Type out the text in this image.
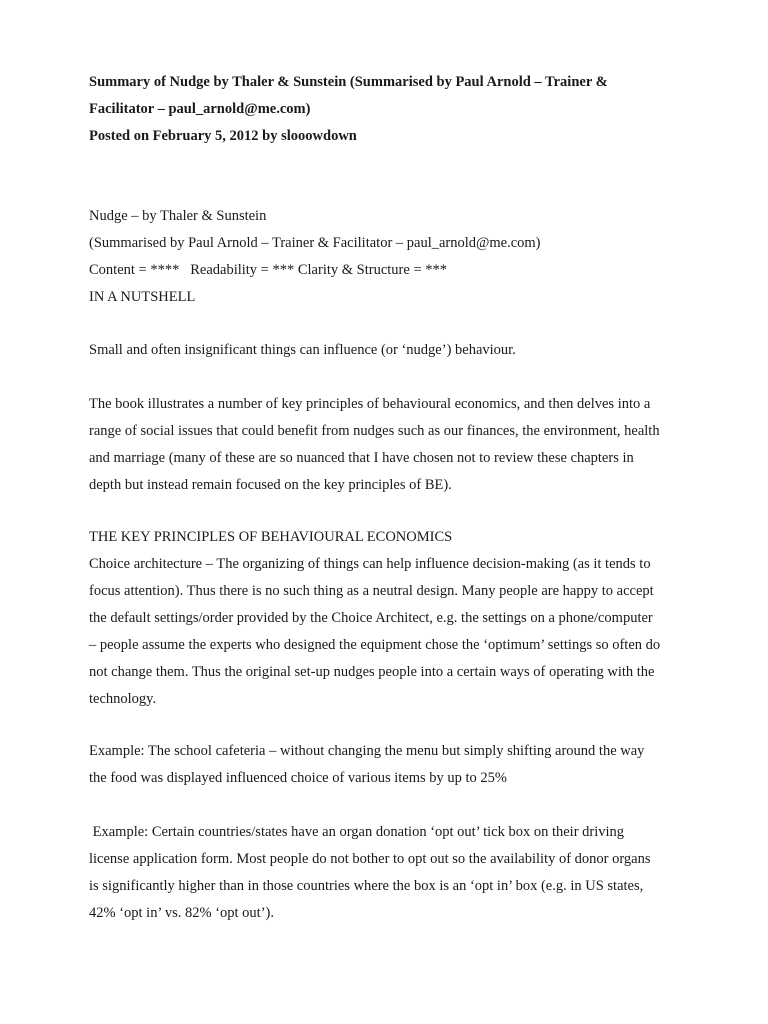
Summary of Nudge by Thaler & Sunstein (Summarised by Paul Arnold – Trainer &
Facilitator – paul_arnold@me.com)
Posted on February 5, 2012 by slooowdown
Nudge – by Thaler & Sunstein
(Summarised by Paul Arnold – Trainer & Facilitator – paul_arnold@me.com)
Content = ****   Readability = *** Clarity & Structure = ***
IN A NUTSHELL
Small and often insignificant things can influence (or ‘nudge’) behaviour.
The book illustrates a number of key principles of behavioural economics, and then delves into a
range of social issues that could benefit from nudges such as our finances, the environment, health
and marriage (many of these are so nuanced that I have chosen not to review these chapters in
depth but instead remain focused on the key principles of BE).
THE KEY PRINCIPLES OF BEHAVIOURAL ECONOMICS
Choice architecture – The organizing of things can help influence decision-making (as it tends to
focus attention). Thus there is no such thing as a neutral design. Many people are happy to accept
the default settings/order provided by the Choice Architect, e.g. the settings on a phone/computer
– people assume the experts who designed the equipment chose the ‘optimum’ settings so often do
not change them. Thus the original set-up nudges people into a certain ways of operating with the
technology.
Example: The school cafeteria – without changing the menu but simply shifting around the way
the food was displayed influenced choice of various items by up to 25%
Example: Certain countries/states have an organ donation ‘opt out’ tick box on their driving
license application form. Most people do not bother to opt out so the availability of donor organs
is significantly higher than in those countries where the box is an ‘opt in’ box (e.g. in US states,
42% ‘opt in’ vs. 82% ‘opt out’).
